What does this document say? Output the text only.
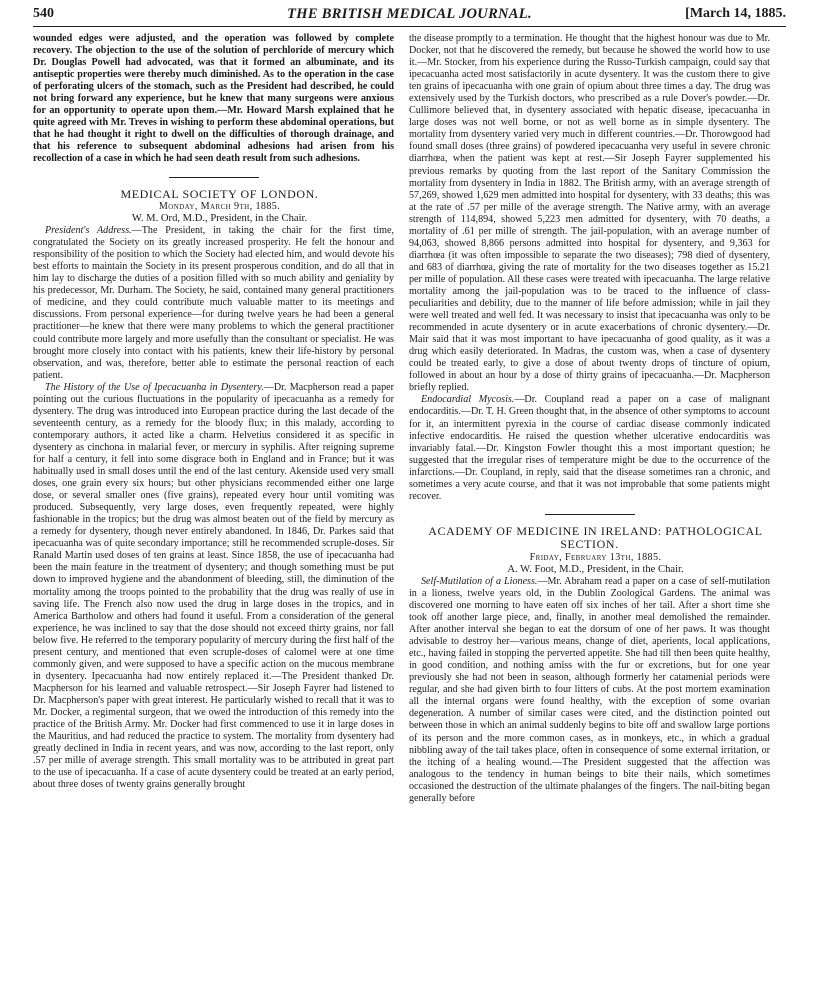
540	THE BRITISH MEDICAL JOURNAL.	[March 14, 1885.

wounded edges were adjusted, and the operation was followed by complete recovery. The objection to the use of the solution of perchloride of mercury which Dr. Douglas Powell had advocated, was that it formed an albuminate, and its antiseptic properties were thereby much diminished. As to the operation in the case of perforating ulcers of the stomach, such as the President had described, he could not bring forward any experience, but he knew that many surgeons were anxious for an opportunity to operate upon them.—Mr. Howard Marsh explained that he quite agreed with Mr. Treves in wishing to perform these abdominal operations, but that he had thought it right to dwell on the difficulties of thorough drainage, and that his reference to subsequent abdominal adhesions had arisen from his recollection of a case in which he had seen death result from such adhesions.

MEDICAL SOCIETY OF LONDON.

Monday, March 9th, 1885.

W. M. Ord, M.D., President, in the Chair.

President's Address.—The President, in taking the chair for the first time, congratulated the Society on its greatly increased prosperity. He felt the honour and responsibility of the position to which the Society had elected him, and would devote his best efforts to maintain the Society in its present prosperous condition, and do all that in him lay to discharge the duties of a position filled with so much ability and geniality by his predecessor, Mr. Durham. The Society, he said, contained many general practitioners of medicine, and they could contribute much valuable matter to its meetings and discussions. From personal experience—for during twelve years he had been a general practitioner—he knew that there were many problems to which the general practitioner could contribute more largely and more usefully than the consultant or specialist. He was brought more closely into contact with his patients, knew their life-history by personal observation, and was, therefore, better able to estimate the personal reaction of each patient.

The History of the Use of Ipecacuanha in Dysentery.—Dr. Macpherson read a paper pointing out the curious fluctuations in the popularity of ipecacuanha as a remedy for dysentery. The drug was introduced into European practice during the last decade of the seventeenth century, as a remedy for the bloody flux; in this malady, according to contemporary authors, it acted like a charm. Helvetius considered it as specific in dysentery as cinchona in malarial fever, or mercury in syphilis. After reigning supreme for half a century, it fell into some disgrace both in England and in France; but it was habitually used in small doses until the end of the last century. Akenside used very small doses, one grain every six hours; but other physicians recommended either one large dose, or several smaller ones (five grains), repeated every hour until vomiting was produced. Subsequently, very large doses, even frequently repeated, were highly fashionable in the tropics; but the drug was almost beaten out of the field by mercury as a remedy for dysentery, though never entirely abandoned. In 1846, Dr. Parkes said that ipecacuanha was of quite secondary importance; still he recommended scruple-doses. Sir Ranald Martin used doses of ten grains at least. Since 1858, the use of ipecacuanha had been the main feature in the treatment of dysentery; and though something must be put down to improved hygiene and the abandonment of bleeding, still, the diminution of the mortality among the troops pointed to the probability that the drug was really of use in saving life. The French also now used the drug in large doses in the tropics, and in America Bartholow and others had found it useful. From a consideration of the general experience, he was inclined to say that the dose should not exceed thirty grains, nor fall below five. He referred to the temporary popularity of mercury during the first half of the present century, and mentioned that even scruple-doses of calomel were at one time commonly given, and were supposed to have a specific action on the mucous membrane in dysentery. Ipecacuanha had now entirely replaced it.—The President thanked Dr. Macpherson for his learned and valuable retrospect.—Sir Joseph Fayrer had listened to Dr. Macpherson's paper with great interest. He particularly wished to recall that it was to Mr. Docker, a regimental surgeon, that we owed the introduction of this remedy into the practice of the British Army. Mr. Docker had first commenced to use it in large doses in the Mauritius, and had reduced the practice to system. The mortality from dysentery had greatly declined in India in recent years, and was now, according to the last report, only .57 per mille of average strength. This small mortality was to be attributed in great part to the use of ipecacuanha. If a case of acute dysentery could be treated at an early period, about three doses of twenty grains generally brought

the disease promptly to a termination. He thought that the highest honour was due to Mr. Docker, not that he discovered the remedy, but because he showed the world how to use it.—Mr. Stocker, from his experience during the Russo-Turkish campaign, could say that ipecacuanha acted most satisfactorily in acute dysentery. It was the custom there to give ten grains of ipecacuanha with one grain of opium about three times a day. The drug was extensively used by the Turkish doctors, who prescribed as a rule Dover's powder.—Dr. Cullimore believed that, in dysentery associated with hepatic disease, ipecacuanha in large doses was not well borne, or not as well borne as in simple dysentery. The mortality from dysentery varied very much in different countries.—Dr. Thorowgood had found small doses (three grains) of powdered ipecacuanha very useful in severe chronic diarrhœa, when the patient was kept at rest.—Sir Joseph Fayrer supplemented his previous remarks by quoting from the last report of the Sanitary Commission the mortality from dysentery in India in 1882. The British army, with an average strength of 57,269, showed 1,629 men admitted into hospital for dysentery, with 33 deaths; this was at the rate of .57 per mille of the average strength. The Native army, with an average strength of 114,894, showed 5,223 men admitted for dysentery, with 70 deaths, a mortality of .61 per mille of strength. The jail-population, with an average number of 94,063, showed 8,866 persons admitted into hospital for dysentery, and 9,363 for diarrhœa (it was often impossible to separate the two diseases); 798 died of dysentery, and 683 of diarrhœa, giving the rate of mortality for the two diseases together as 15.21 per mille of population. All these cases were treated with ipecacuanha. The large relative mortality among the jail-population was to be traced to the influence of class-peculiarities and debility, due to the manner of life before admission; while in jail they were well treated and well fed. It was necessary to insist that ipecacuanha was only to be recommended in acute dysentery or in acute exacerbations of chronic dysentery.—Dr. Mair said that it was most important to have ipecacuanha of good quality, as it was a drug which easily deteriorated. In Madras, the custom was, when a case of dysentery could be treated early, to give a dose of about twenty drops of tincture of opium, followed in about an hour by a dose of thirty grains of ipecacuanha.—Dr. Macpherson briefly replied.

Endocardial Mycosis.—Dr. Coupland read a paper on a case of malignant endocarditis.—Dr. T. H. Green thought that, in the absence of other symptoms to account for it, an intermittent pyrexia in the course of cardiac disease commonly indicated infective endocarditis. He raised the question whether ulcerative endocarditis was invariably fatal.—Dr. Kingston Fowler thought this a most important question; he suggested that the irregular rises of temperature might be due to the occurrence of the infarctions.—Dr. Coupland, in reply, said that the disease sometimes ran a chronic, and sometimes a very acute course, and that it was not improbable that some patients might recover.

ACADEMY OF MEDICINE IN IRELAND: PATHOLOGICAL SECTION.

Friday, February 13th, 1885.

A. W. Foot, M.D., President, in the Chair.

Self-Mutilation of a Lioness.—Mr. Abraham read a paper on a case of self-mutilation in a lioness, twelve years old, in the Dublin Zoological Gardens. The animal was discovered one morning to have eaten off six inches of her tail. After a short time she took off another large piece, and, finally, in another meal demolished the remainder. After another interval she began to eat the dorsum of one of her paws. It was thought advisable to destroy her—various means, change of diet, aperients, local applications, etc., having failed in stopping the perverted appetite. She had till then been quite healthy, in good condition, and nothing amiss with the fur or excretions, but for one year previously she had not been in season, although formerly her catamenial periods were regular, and she had given birth to four litters of cubs. At the post mortem examination all the internal organs were found healthy, with the exception of some ovarian degeneration. A number of similar cases were cited, and the distinction pointed out between those in which an animal suddenly begins to bite off and swallow large portions of its person and the more common cases, as in monkeys, etc., in which a gradual nibbling away of the tail takes place, often in consequence of some external irritation, or the itching of a healing wound.—The President suggested that the affection was analogous to the tendency in human beings to bite their nails, which sometimes occasioned the destruction of the ultimate phalanges of the fingers. The nail-biting began generally before
